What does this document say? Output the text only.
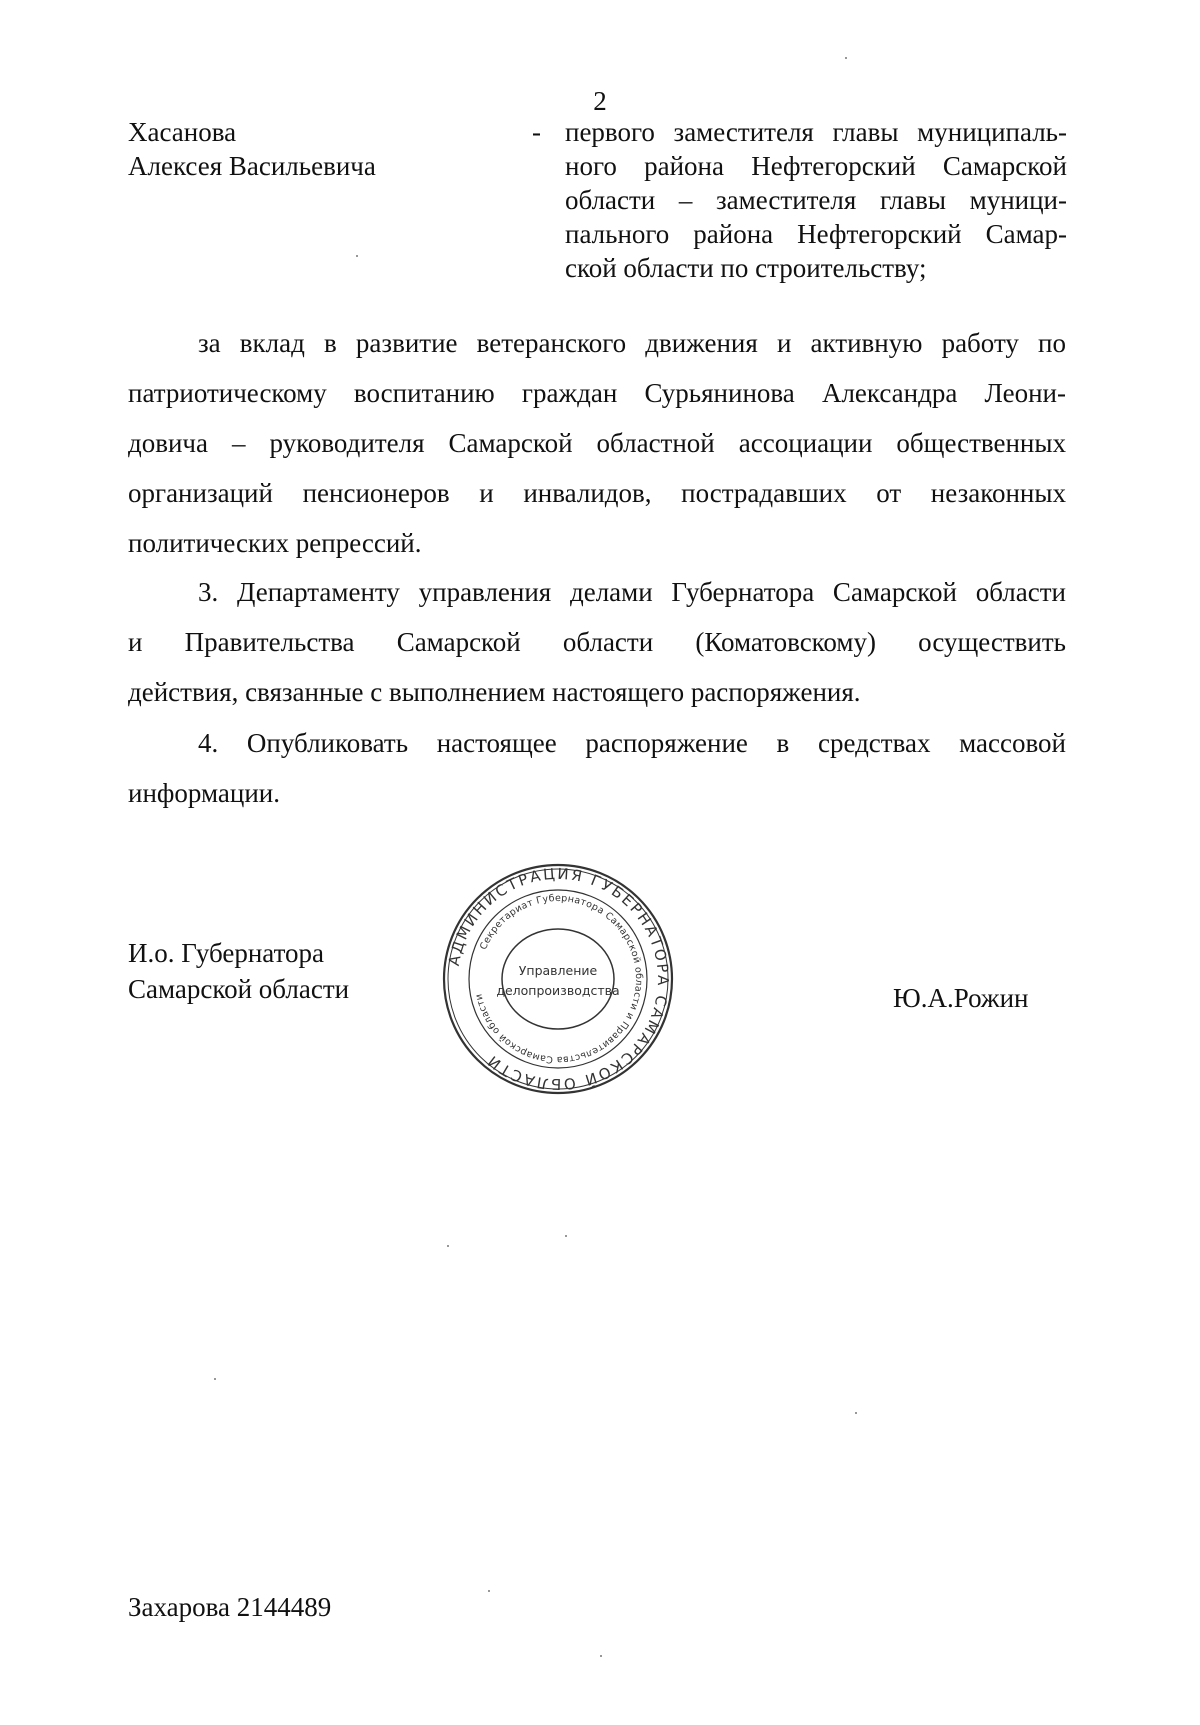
2
Хасанова
Алексея Васильевича
- первого заместителя главы муниципаль-
ного района Нефтегорский Самарской
области – заместителя главы муници-
пального района Нефтегорский Самар-
ской области по строительству;
за вклад в развитие ветеранского движения и активную работу по
патриотическому воспитанию граждан Сурьянинова Александра Леони-
довича – руководителя Самарской областной ассоциации общественных
организаций пенсионеров и инвалидов, пострадавших от незаконных
политических репрессий.
3. Департаменту управления делами Губернатора Самарской области
и Правительства Самарской области (Коматовскому) осуществить
действия, связанные с выполнением настоящего распоряжения.
4. Опубликовать настоящее распоряжение в средствах массовой
информации.
И.о. Губернатора
Самарской области
АДМИНИСТРАЦИЯ ГУБЕРНАТОРА САМАРСКОЙ ОБЛАСТИ
Секретариат Губернатора Самарской области и Правительства Самарской области
Управление
делопроизводства	Ю.А.Рожин
Захарова 2144489
